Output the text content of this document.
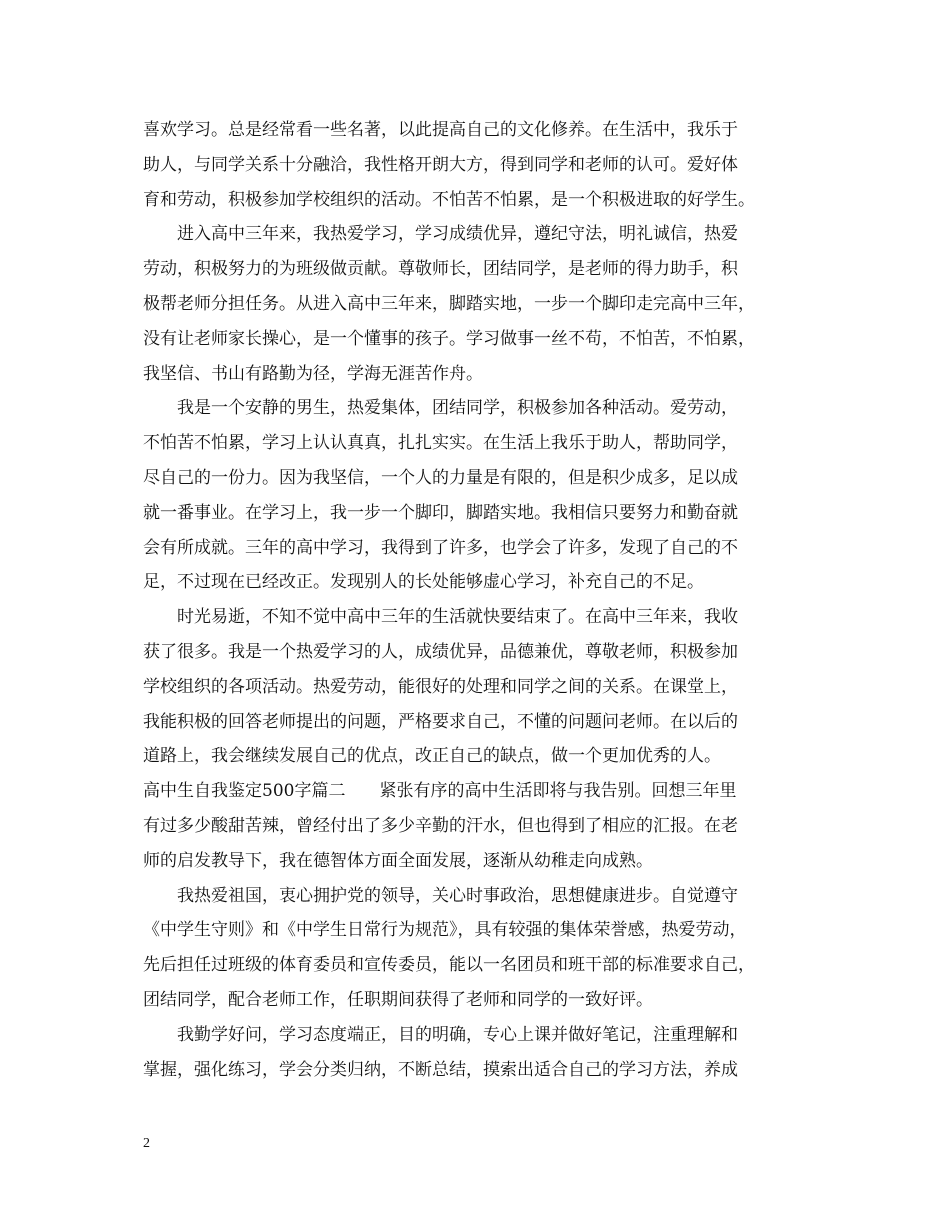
喜欢学习。总是经常看一些名著，以此提高自己的文化修养。在生活中，我乐于
助人，与同学关系十分融洽，我性格开朗大方，得到同学和老师的认可。爱好体
育和劳动，积极参加学校组织的活动。不怕苦不怕累，是一个积极进取的好学生。
　　进入高中三年来，我热爱学习，学习成绩优异，遵纪守法，明礼诚信，热爱
劳动，积极努力的为班级做贡献。尊敬师长，团结同学，是老师的得力助手，积
极帮老师分担任务。从进入高中三年来，脚踏实地，一步一个脚印走完高中三年，
没有让老师家长操心，是一个懂事的孩子。学习做事一丝不苟，不怕苦，不怕累，
我坚信、书山有路勤为径，学海无涯苦作舟。
　　我是一个安静的男生，热爱集体，团结同学，积极参加各种活动。爱劳动，
不怕苦不怕累，学习上认认真真，扎扎实实。在生活上我乐于助人，帮助同学，
尽自己的一份力。因为我坚信，一个人的力量是有限的，但是积少成多，足以成
就一番事业。在学习上，我一步一个脚印，脚踏实地。我相信只要努力和勤奋就
会有所成就。三年的高中学习，我得到了许多，也学会了许多，发现了自己的不
足，不过现在已经改正。发现别人的长处能够虚心学习，补充自己的不足。
　　时光易逝，不知不觉中高中三年的生活就快要结束了。在高中三年来，我收
获了很多。我是一个热爱学习的人，成绩优异，品德兼优，尊敬老师，积极参加
学校组织的各项活动。热爱劳动，能很好的处理和同学之间的关系。在课堂上，
我能积极的回答老师提出的问题，严格要求自己，不懂的问题问老师。在以后的
道路上，我会继续发展自己的优点，改正自己的缺点，做一个更加优秀的人。
高中生自我鉴定500字篇二　　紧张有序的高中生活即将与我告别。回想三年里
有过多少酸甜苦辣，曾经付出了多少辛勤的汗水，但也得到了相应的汇报。在老
师的启发教导下，我在德智体方面全面发展，逐渐从幼稚走向成熟。
　　我热爱祖国，衷心拥护党的领导，关心时事政治，思想健康进步。自觉遵守
《中学生守则》和《中学生日常行为规范》，具有较强的集体荣誉感，热爱劳动，
先后担任过班级的体育委员和宣传委员，能以一名团员和班干部的标准要求自己，
团结同学，配合老师工作，任职期间获得了老师和同学的一致好评。
　　我勤学好问，学习态度端正，目的明确，专心上课并做好笔记，注重理解和
掌握，强化练习，学会分类归纳，不断总结，摸索出适合自己的学习方法，养成
2
